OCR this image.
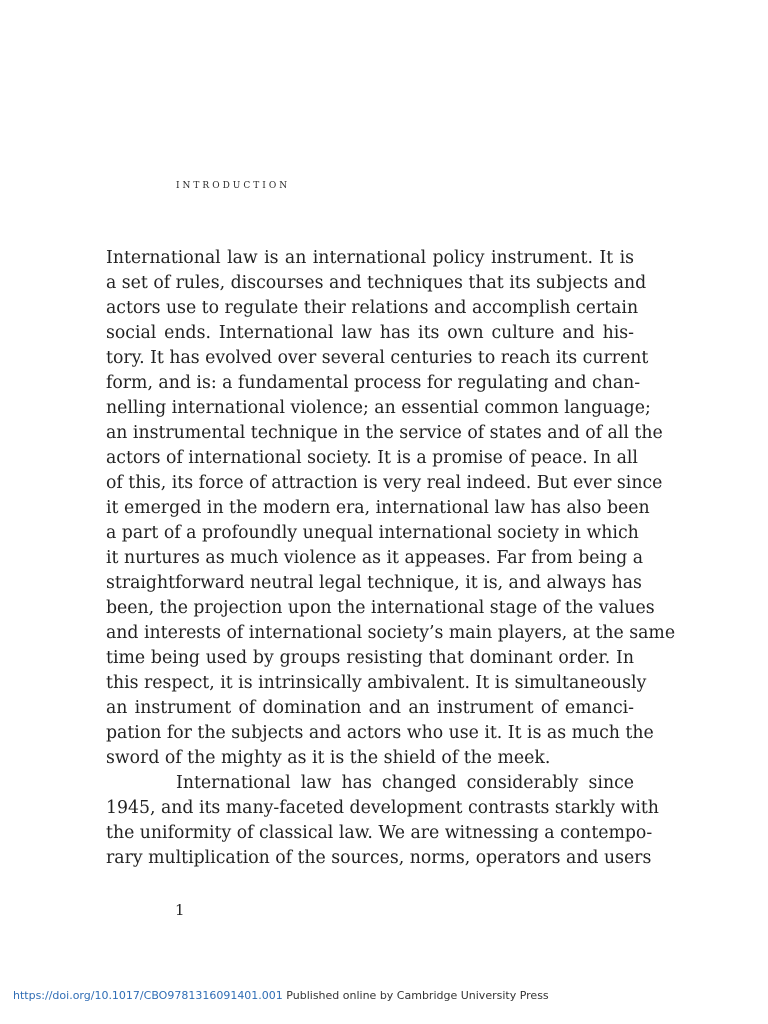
introduction
International law is an international policy instrument. It is
a set of rules, discourses and techniques that its subjects and
actors use to regulate their relations and accomplish certain
social ends. International law has its own culture and his-
tory. It has evolved over several centuries to reach its current
form, and is: a fundamental process for regulating and chan-
nelling international violence; an essential common language;
an instrumental technique in the service of states and of all the
actors of international society. It is a promise of peace. In all
of this, its force of attraction is very real indeed. But ever since
it emerged in the modern era, international law has also been
a part of a profoundly unequal international society in which
it nurtures as much violence as it appeases. Far from being a
straightforward neutral legal technique, it is, and always has
been, the projection upon the international stage of the values
and interests of international society’s main players, at the same
time being used by groups resisting that dominant order. In
this respect, it is intrinsically ambivalent. It is simultaneously
an instrument of domination and an instrument of emanci-
pation for the subjects and actors who use it. It is as much the
sword of the mighty as it is the shield of the meek.
International law has changed considerably since
1945, and its many-faceted development contrasts starkly with
the uniformity of classical law. We are witnessing a contempo-
rary multiplication of the sources, norms, operators and users
1
https://doi.org/10.1017/CBO9781316091401.001 Published online by Cambridge University Press
